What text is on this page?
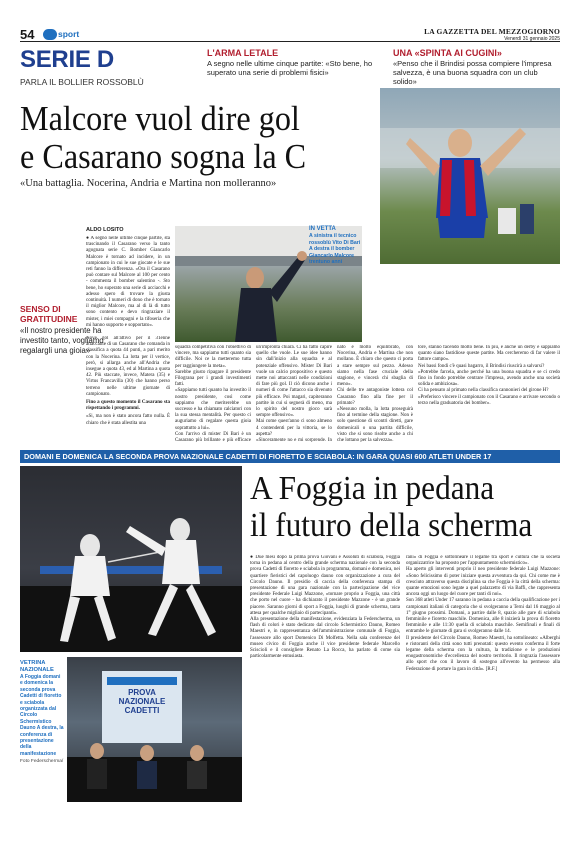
54	sport	LA GAZZETTA DEL MEZZOGIORNO
Venerdì 31 gennaio 2025
SERIE D
PARLA IL BOLLIER ROSSOBLÙ
L'ARMA LETALE
A segno nelle ultime cinque partite: «Sto bene, ho superato una serie di problemi fisici»
UNA «SPINTA AI CUGINI»
«Penso che il Brindisi possa compiere l'impresa salvezza, è una buona squadra con un club solido»
Malcore vuol dire gol
e Casarano sogna la C
«Una battaglia. Nocerina, Andria e Martina non molleranno»
IN VETTA
A sinistra il tecnico rossoblù Vito Di Bari A destra il bomber Giancarlo Malcore trentuno anni
ALDO LOSITO

● A segno nelle ultime cinque partite, sta trascinando il Casarano verso la tanto agognata serie C. Bomber Giancarlo Malcore è tornato ad incidere, in un campionato in cui le sue giocate e le sue reti fanno la differenza. «Ora il Casarano può contare sul Malcore al 100 per cento - commenta il bomber salentino -. Sto bene, ho superato una serie di acciacchi e adesso spero di trovare la giusta continuità. I numeri di dono che è tornato il miglior Malcore, ma al di là di tutto sono contento e devo ringraziare il mister, i miei compagni e la tifoseria che mi hanno supporto e sopportato».

SENSO DI GRATITUDINE
«Il nostro presidente ha investito tanto, vogliamo regalargli una gioia»

Nove gol all'attivo per il 31enne attaccante di un Casarano che comanda in classifica a quota 44 punti, a pari merito con la Nocerina. La lotta per il vertice, però, si allarga anche all'Andria che insegue a quota 43, ed al Martina a quota 42. Più staccate, invece, Matera (35) e Virtus Francavilla (30) che hanno perso terreno nelle ultime giornate di campionato.

Fino a questo momento il Casarano sta rispettando i programmi.

«Si, ma non è stato ancora fatto nulla. È chiaro che è stata allestita una

squadra competitiva con l'obiettivo di vincere, ma sappiamo tutti quanto sia difficile. Noi ce la metteremo tutta per raggiungere la meta».
Sarebbe giusto ripagare il presidente Filograna per i grandi investimenti fatti.
«Sappiamo tutti quanto ha investito il nostro presidente, così come sappiamo che meriterebbe un successo e ha chiamato calciatori con la sua stessa mentalità. Per questo ci auguriamo di regalare questa gioia soprattutto a lui».
Con l'arrivo di mister Di Bari è un Casarano più brillante e più efficace

un'impronta chiara. Ci ha fatto capire quello che vuole. Le sue idee hanno sin dall'inizio alla squadra e al potenziale offensivo. Mister Di Bari vuole un calcio propositivo e questo mette noi attaccanti nelle condizioni di fare più gol. Il ciò dicono anche i numeri di come l'attacco sia divenuto più efficace. Poi magari, capiteranno partite in cui si segnerà di meno, ma lo spirito del nostro gioco sarà sempre offensivo».
Mai come quest'anno ci sono almeno 4 contendenti per la vittoria, se lo aspetta?
«Sinceramente no e mi sorprende. In

nato è molto equilibrato, con Nocerina, Andria e Martina che non mollano. È chiaro che questo ci porta a stare sempre sul pezzo. Adesso siamo nella fase cruciale della stagione, e vincerà chi sbaglia di meno».
Chi delle tre antagoniste lottera col Casarano fino alla fine per il primato?
«Nessuno molla, la lotta proseguirà fino al termine della stagione. Non è solo questione di scontri diretti, gare domenicali o una partita difficile, visto che si sono risolte anche a chi che lottano per la salvezza».

tore, stanno facendo molto bene. In più, è anche un derby e sappiamo quanto siano fastidiose queste partite. Ma cercheremo di far valere il fattore campo».
Nei bassi fondi c'è quasi bagarro, il Brindisi riuscirà a salvarsi?
«Potrebbe farcela, anche perché ha una buona squadra e se ci credo fino in fondo potrebbe centrare l'impresa, avendo anche una società solida e ambiziosa».
Ci ha pensato al primato nella classifica cannonieri del girone H?
«Preferisco vincere il campionato con il Casarano e arrivare secondo o terzo nella graduatoria dei bomber».

DOMANI E DOMENICA LA SECONDA PROVA NAZIONALE CADETTI DI FIORETTO E SCIABOLA: IN GARA QUASI 600 ATLETI UNDER 17
A Foggia in pedana
il futuro della scherma
PROVA
NAZIONALE
CADETTI
VETRINA NAZIONALE
A Foggia domani e domenica la seconda prova Cadetti di fioretto e sciabola organizzata dal Circolo Schermistico Dauno A destra, la conferenza di presentazione della manifestazione
Foto Federscherma/

● Due mesi dopo la prima prova Giovani e Assoluti di sciabola, Foggia torna in pedana al centro della grande scherma nazionale con la seconda prova Cadetti di fioretto e sciabola in programma, domani e domenica, nei quartiere fieristici del capoluogo dauno con organizzazione a cura del Circolo Dauno. Il presidio di caccia della conferenza stampa di presentazione di una gara nazionale con la partecipazione del vice presidente Federale Luigi Mazzone, «tornare proprio a Foggia, una città che porto nel cuore - ha dichiarato il presidente Mazzone - è un grande piacere. Saranno giorni di sport a Foggia, luoghi di grande scherma, tanta attesa per qualche migliaio di partecipanti».
Alla presentazione della manifestazione, evidenziata la Federscherma, un flash di colori è stato dedicato dal circolo Schermistico Dauno, Romeo Maestri e, in rappresentanza dell'amministrazione comunale di Foggia, l'assessore allo sport Domenico Di Molfetta. Nella sala conferenze del museo civico di Foggia anche il vice presidente federale Marcello Sciscioli e il consigliere Renato La Rocca, ha parlato di come sia particolarmente entusiasta.

rani» di Foggia e sottolineare il legame tra sport e cultura che la società organizzatrice ha proposto per l'appuntamento schermistico».
Ha aperto gli interventi proprio il neo presidente federale Luigi Mazzone: «Sono felicissimo di poter iniziare questa avventura da qui. Chi come me è cresciuto attraverso questa disciplina sa che Foggia è la città della scherma: quante emozioni sono legate a quel palazzetto di via Baffi, che rappresenta ancora oggi un luogo del cuore per tanti di noi».
Son 368 atleti Under 17 saranno in pedana a caccia della qualificazione per i campionati italiani di categoria che si svolgeranno a Terni dal 16 maggio al 1° giugno prossimi. Domani, a partire dalle 8, spazio alle gare di sciabola femminile e fioretto maschile. Domenica, alle 8 inizierà la prova di fioretto femminile e alle 11:30 quella di sciabola maschile. Semifinali e finali di entrambe le giornate di gara si svolgeranno dalle 14.
Il presidente del Circolo Dauno, Romeo Maestri, ha sottolineato: «Alberghi e ristoranti della città sono tutti prenotati: questo evento conferma il forte legame della scherma con la cultura, la tradizione e le produzioni enogastronomiche d'eccellenza del nostro territorio. Il ringrazia l'assessore allo sport che con il lavoro di sostegno all'evento ha permesso alla Federazione di portare la gara in città». [R.F.]
